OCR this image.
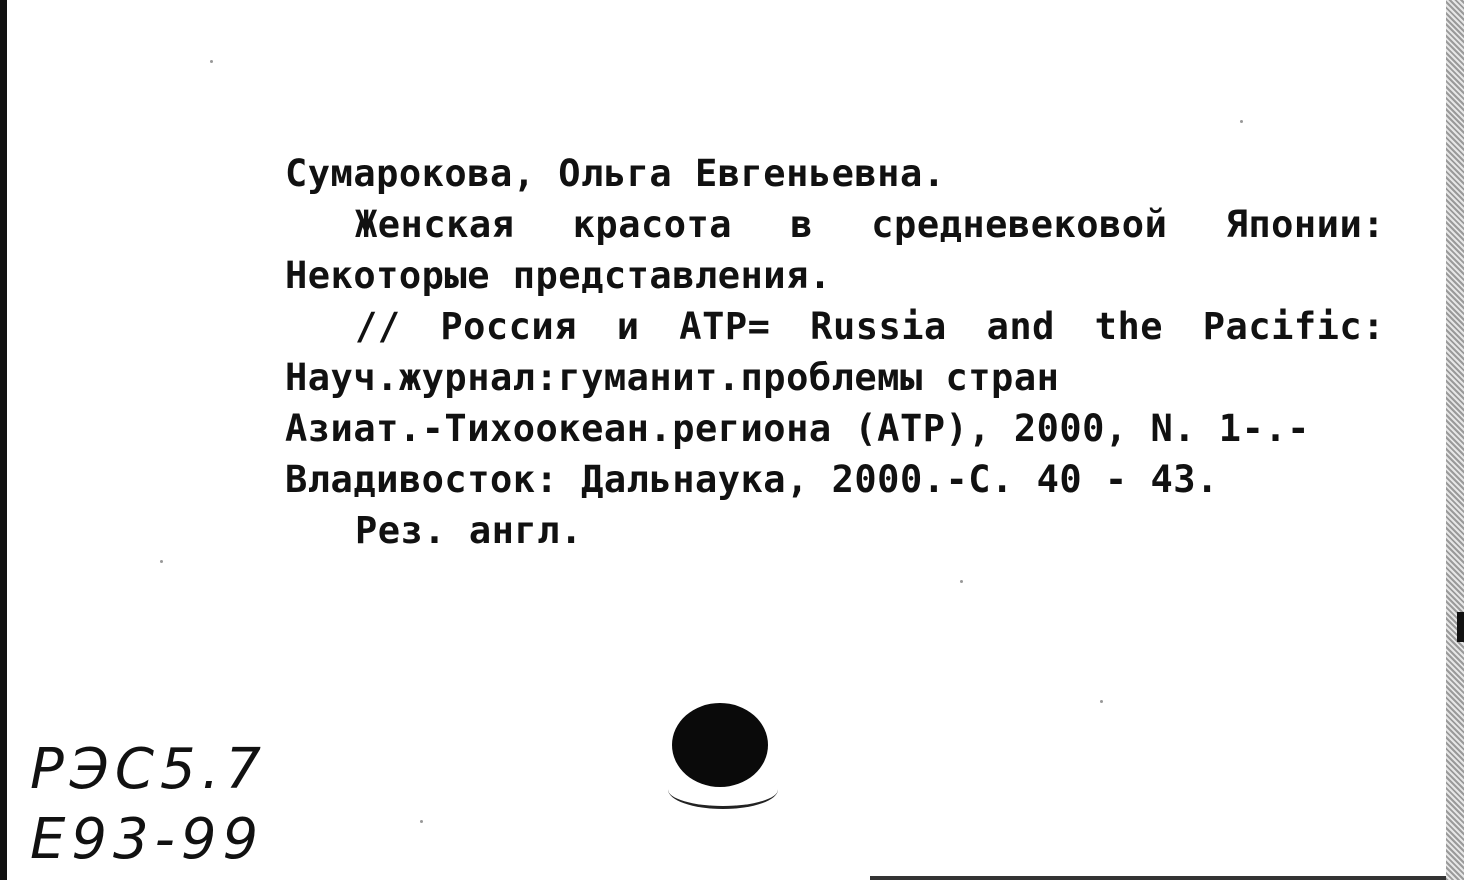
Сумарокова, Ольга Евгеньевна.
Женская красота в средневековой Японии:
Некоторые представления.
// Россия и АТР= Russia and the Pacific:
Науч.журнал:гуманит.проблемы стран
Азиат.-Тихоокеан.региона (АТР), 2000, N. 1-.-
Владивосток: Дальнаука, 2000.-С. 40 - 43.
Рез. англ.
РЭС5.7
Е93-99
